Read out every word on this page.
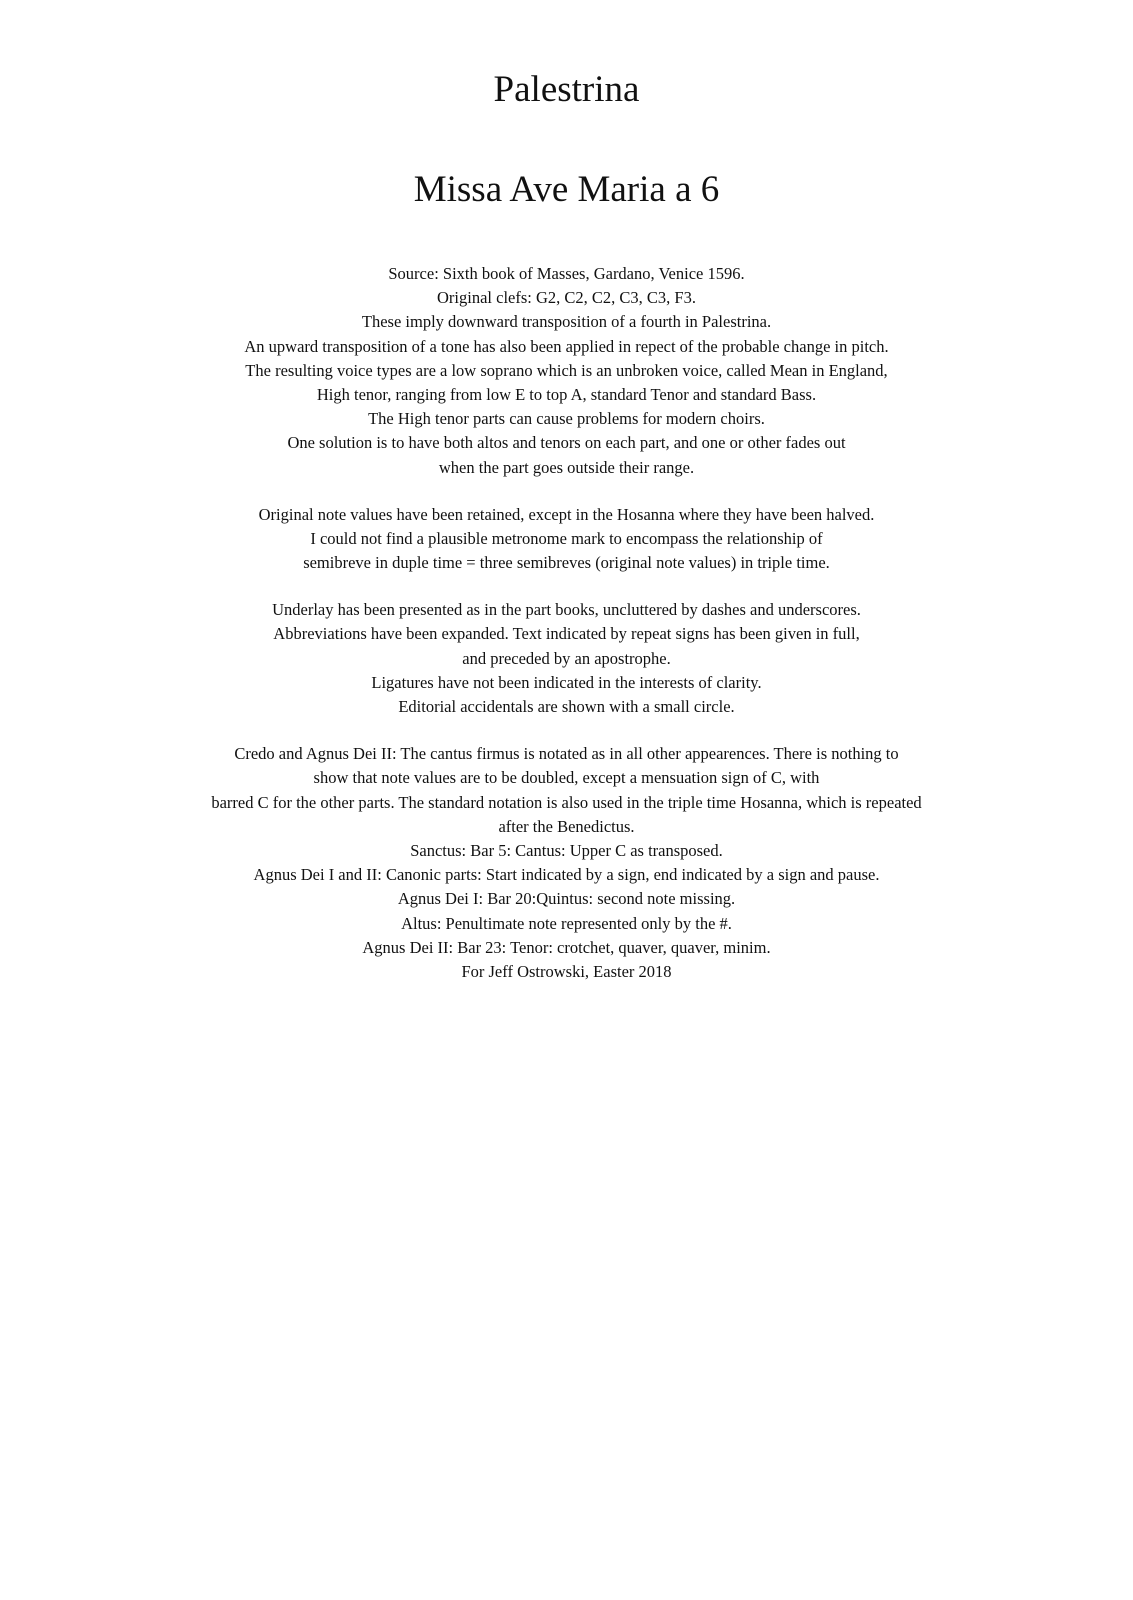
Palestrina
Missa Ave Maria a 6

Source: Sixth book of Masses, Gardano, Venice 1596.
Original clefs: G2, C2, C2, C3, C3, F3.
These imply downward transposition of a fourth in Palestrina.
An upward transposition of a tone has also been applied in repect of the probable change in pitch.
The resulting voice types are a low soprano which is an unbroken voice, called Mean in England,
High tenor, ranging from low E to top A, standard Tenor and standard Bass.
The High tenor parts can cause problems for modern choirs.
One solution is to have both altos and tenors on each part, and one or other fades out
when the part goes outside their range.

Original note values have been retained, except in the Hosanna where they have been halved.
I could not find a plausible metronome mark to encompass the relationship of
semibreve in duple time = three semibreves (original note values) in triple time.

Underlay has been presented as in the part books, uncluttered by dashes and underscores.
Abbreviations have been expanded. Text indicated by repeat signs has been given in full,
and preceded by an apostrophe.
Ligatures have not been indicated in the interests of clarity.
Editorial accidentals are shown with a small circle.

Credo and Agnus Dei II: The cantus firmus is notated as in all other appearences. There is nothing to
show that note values are to be doubled, except a mensuation sign of C, with
barred C for the other parts. The standard notation is also used in the triple time Hosanna, which is repeated
after the Benedictus.
Sanctus: Bar 5: Cantus: Upper C as transposed.
Agnus Dei I and II: Canonic parts: Start indicated by a sign, end indicated by a sign and pause.
Agnus Dei I: Bar 20:Quintus: second note missing.
Altus: Penultimate note represented only by the #.
Agnus Dei II: Bar 23: Tenor: crotchet, quaver, quaver, minim.
For Jeff Ostrowski, Easter 2018
